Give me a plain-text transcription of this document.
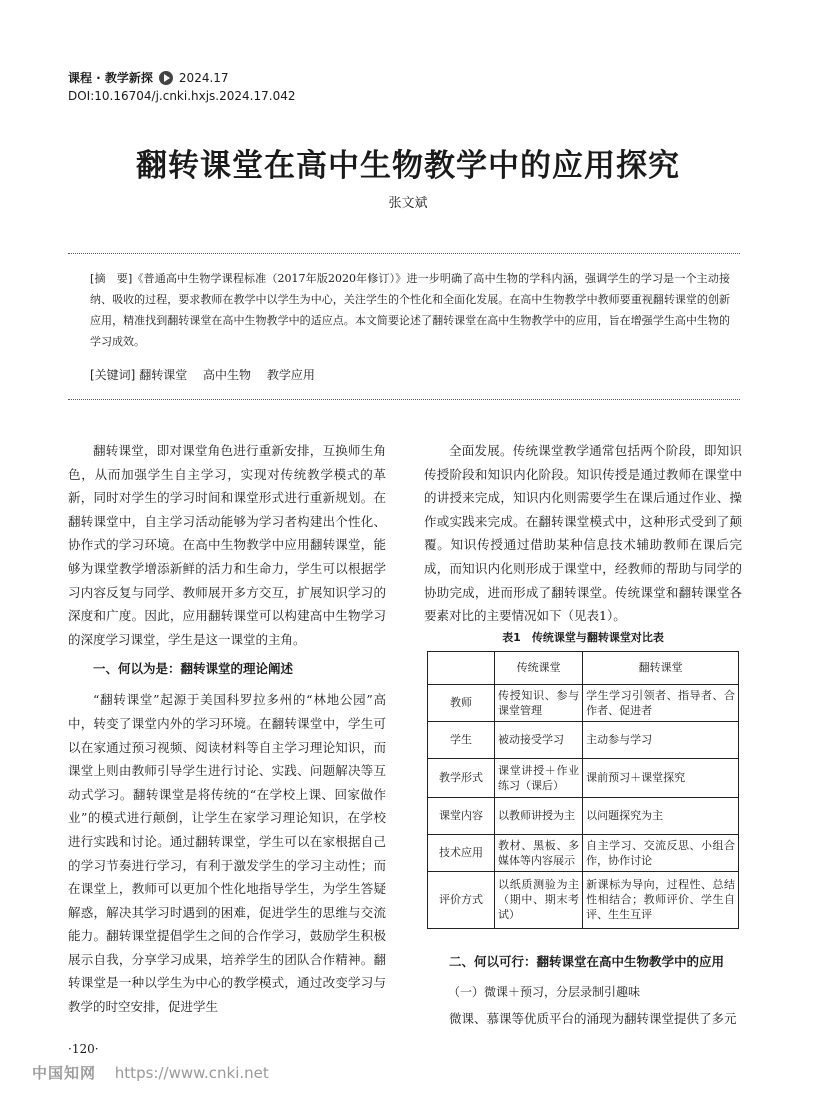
课程 · 教学新探 2024.17
DOI:10.16704/j.cnki.hxjs.2024.17.042
翻转课堂在高中生物教学中的应用探究
张文斌
[摘　要]《普通高中生物学课程标准（2017年版2020年修订）》进一步明确了高中生物的学科内涵，强调学生的学习是一个主动接纳、吸收的过程，要求教师在教学中以学生为中心，关注学生的个性化和全面化发展。在高中生物教学中教师要重视翻转课堂的创新应用，精准找到翻转课堂在高中生物教学中的适应点。本文简要论述了翻转课堂在高中生物教学中的应用，旨在增强学生高中生物的学习成效。
[关键词] 翻转课堂 高中生物 教学应用

翻转课堂，即对课堂角色进行重新安排，互换师生角色，从而加强学生自主学习，实现对传统教学模式的革新，同时对学生的学习时间和课堂形式进行重新规划。在翻转课堂中，自主学习活动能够为学习者构建出个性化、协作式的学习环境。在高中生物教学中应用翻转课堂，能够为课堂教学增添新鲜的活力和生命力，学生可以根据学习内容反复与同学、教师展开多方交互，扩展知识学习的深度和广度。因此，应用翻转课堂可以构建高中生物学习的深度学习课堂，学生是这一课堂的主角。

一、何以为是：翻转课堂的理论阐述

“翻转课堂”起源于美国科罗拉多州的“林地公园”高中，转变了课堂内外的学习环境。在翻转课堂中，学生可以在家通过预习视频、阅读材料等自主学习理论知识，而课堂上则由教师引导学生进行讨论、实践、问题解决等互动式学习。翻转课堂是将传统的“在学校上课、回家做作业”的模式进行颠倒，让学生在家学习理论知识，在学校进行实践和讨论。通过翻转课堂，学生可以在家根据自己的学习节奏进行学习，有利于激发学生的学习主动性；而在课堂上，教师可以更加个性化地指导学生，为学生答疑解惑，解决其学习时遇到的困难，促进学生的思维与交流能力。翻转课堂提倡学生之间的合作学习，鼓励学生积极展示自我，分享学习成果，培养学生的团队合作精神。翻转课堂是一种以学生为中心的教学模式，通过改变学习与教学的时空安排，促进学生

全面发展。传统课堂教学通常包括两个阶段，即知识传授阶段和知识内化阶段。知识传授是通过教师在课堂中的讲授来完成，知识内化则需要学生在课后通过作业、操作或实践来完成。在翻转课堂模式中，这种形式受到了颠覆。知识传授通过借助某种信息技术辅助教师在课后完成，而知识内化则形成于课堂中，经教师的帮助与同学的协助完成，进而形成了翻转课堂。传统课堂和翻转课堂各要素对比的主要情况如下（见表1）。

表1　传统课堂与翻转课堂对比表
	传统课堂	翻转课堂
教师	传授知识、参与课堂管理	学生学习引领者、指导者、合作者、促进者
学生	被动接受学习	主动参与学习
教学形式	课堂讲授＋作业练习（课后）	课前预习＋课堂探究
课堂内容	以教师讲授为主	以问题探究为主
技术应用	教材、黑板、多媒体等内容展示	自主学习、交流反思、小组合作，协作讨论
评价方式	以纸质测验为主（期中、期末考试）	新课标为导向，过程性、总结性相结合；教师评价、学生自评、生生互评
二、何以可行：翻转课堂在高中生物教学中的应用
（一）微课＋预习，分层录制引趣味

微课、慕课等优质平台的涌现为翻转课堂提供了多元

·120·
中国知网 https://www.cnki.net
